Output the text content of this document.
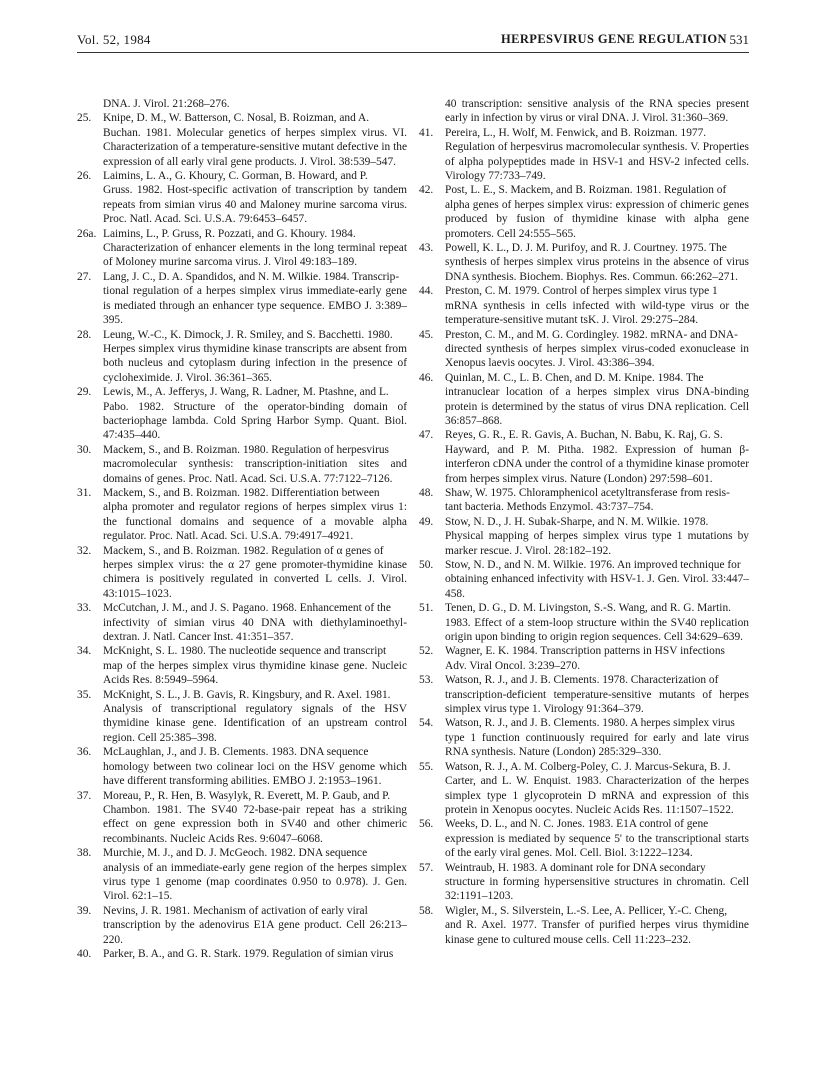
Vol. 52, 1984	HERPESVIRUS GENE REGULATION 531
DNA. J. Virol. 21:268–276.
25.	Knipe, D. M., W. Batterson, C. Nosal, B. Roizman, and A.
Buchan. 1981. Molecular genetics of herpes simplex virus. VI. Characterization of a temperature-sensitive mutant defective in the expression of all early viral gene products. J. Virol. 38:539–547.
26.	Laimins, L. A., G. Khoury, C. Gorman, B. Howard, and P.
Gruss. 1982. Host-specific activation of transcription by tandem repeats from simian virus 40 and Maloney murine sarcoma virus. Proc. Natl. Acad. Sci. U.S.A. 79:6453–6457.
26a. Laimins, L., P. Gruss, R. Pozzati, and G. Khoury. 1984.
Characterization of enhancer elements in the long terminal repeat of Moloney murine sarcoma virus. J. Virol 49:183–189.
27.	Lang, J. C., D. A. Spandidos, and N. M. Wilkie. 1984. Transcrip-
tional regulation of a herpes simplex virus immediate-early gene is mediated through an enhancer type sequence. EMBO J. 3:389–395.
28.	Leung, W.-C., K. Dimock, J. R. Smiley, and S. Bacchetti. 1980.
Herpes simplex virus thymidine kinase transcripts are absent from both nucleus and cytoplasm during infection in the presence of cycloheximide. J. Virol. 36:361–365.
29.	Lewis, M., A. Jefferys, J. Wang, R. Ladner, M. Ptashne, and L.
Pabo. 1982. Structure of the operator-binding domain of bacteriophage lambda. Cold Spring Harbor Symp. Quant. Biol. 47:435–440.
30.	Mackem, S., and B. Roizman. 1980. Regulation of herpesvirus
macromolecular synthesis: transcription-initiation sites and domains of genes. Proc. Natl. Acad. Sci. U.S.A. 77:7122–7126.
31.	Mackem, S., and B. Roizman. 1982. Differentiation between
alpha promoter and regulator regions of herpes simplex virus 1: the functional domains and sequence of a movable alpha regulator. Proc. Natl. Acad. Sci. U.S.A. 79:4917–4921.
32.	Mackem, S., and B. Roizman. 1982. Regulation of α genes of
herpes simplex virus: the α 27 gene promoter-thymidine kinase chimera is positively regulated in converted L cells. J. Virol. 43:1015–1023.
33.	McCutchan, J. M., and J. S. Pagano. 1968. Enhancement of the
infectivity of simian virus 40 DNA with diethylaminoethyl-dextran. J. Natl. Cancer Inst. 41:351–357.
34.	McKnight, S. L. 1980. The nucleotide sequence and transcript
map of the herpes simplex virus thymidine kinase gene. Nucleic Acids Res. 8:5949–5964.
35.	McKnight, S. L., J. B. Gavis, R. Kingsbury, and R. Axel. 1981.
Analysis of transcriptional regulatory signals of the HSV thymidine kinase gene. Identification of an upstream control region. Cell 25:385–398.
36.	McLaughlan, J., and J. B. Clements. 1983. DNA sequence
homology between two colinear loci on the HSV genome which have different transforming abilities. EMBO J. 2:1953–1961.
37.	Moreau, P., R. Hen, B. Wasylyk, R. Everett, M. P. Gaub, and P.
Chambon. 1981. The SV40 72-base-pair repeat has a striking effect on gene expression both in SV40 and other chimeric recombinants. Nucleic Acids Res. 9:6047–6068.
38.	Murchie, M. J., and D. J. McGeoch. 1982. DNA sequence
analysis of an immediate-early gene region of the herpes simplex virus type 1 genome (map coordinates 0.950 to 0.978). J. Gen. Virol. 62:1–15.
39.	Nevins, J. R. 1981. Mechanism of activation of early viral
transcription by the adenovirus E1A gene product. Cell 26:213–220.
40.	Parker, B. A., and G. R. Stark. 1979. Regulation of simian virus
40 transcription: sensitive analysis of the RNA species present early in infection by virus or viral DNA. J. Virol. 31:360–369.
41.	Pereira, L., H. Wolf, M. Fenwick, and B. Roizman. 1977.
Regulation of herpesvirus macromolecular synthesis. V. Properties of alpha polypeptides made in HSV-1 and HSV-2 infected cells. Virology 77:733–749.
42.	Post, L. E., S. Mackem, and B. Roizman. 1981. Regulation of
alpha genes of herpes simplex virus: expression of chimeric genes produced by fusion of thymidine kinase with alpha gene promoters. Cell 24:555–565.
43.	Powell, K. L., D. J. M. Purifoy, and R. J. Courtney. 1975. The
synthesis of herpes simplex virus proteins in the absence of virus DNA synthesis. Biochem. Biophys. Res. Commun. 66:262–271.
44.	Preston, C. M. 1979. Control of herpes simplex virus type 1
mRNA synthesis in cells infected with wild-type virus or the temperature-sensitive mutant tsK. J. Virol. 29:275–284.
45.	Preston, C. M., and M. G. Cordingley. 1982. mRNA- and DNA-
directed synthesis of herpes simplex virus-coded exonuclease in Xenopus laevis oocytes. J. Virol. 43:386–394.
46.	Quinlan, M. C., L. B. Chen, and D. M. Knipe. 1984. The
intranuclear location of a herpes simplex virus DNA-binding protein is determined by the status of virus DNA replication. Cell 36:857–868.
47.	Reyes, G. R., E. R. Gavis, A. Buchan, N. Babu, K. Raj, G. S.
Hayward, and P. M. Pitha. 1982. Expression of human β-interferon cDNA under the control of a thymidine kinase promoter from herpes simplex virus. Nature (London) 297:598–601.
48.	Shaw, W. 1975. Chloramphenicol acetyltransferase from resis-
tant bacteria. Methods Enzymol. 43:737–754.
49.	Stow, N. D., J. H. Subak-Sharpe, and N. M. Wilkie. 1978.
Physical mapping of herpes simplex virus type 1 mutations by marker rescue. J. Virol. 28:182–192.
50.	Stow, N. D., and N. M. Wilkie. 1976. An improved technique for
obtaining enhanced infectivity with HSV-1. J. Gen. Virol. 33:447–458.
51.	Tenen, D. G., D. M. Livingston, S.-S. Wang, and R. G. Martin.
1983. Effect of a stem-loop structure within the SV40 replication origin upon binding to origin region sequences. Cell 34:629–639.
52.	Wagner, E. K. 1984. Transcription patterns in HSV infections
Adv. Viral Oncol. 3:239–270.
53.	Watson, R. J., and J. B. Clements. 1978. Characterization of
transcription-deficient temperature-sensitive mutants of herpes simplex virus type 1. Virology 91:364–379.
54.	Watson, R. J., and J. B. Clements. 1980. A herpes simplex virus
type 1 function continuously required for early and late virus RNA synthesis. Nature (London) 285:329–330.
55.	Watson, R. J., A. M. Colberg-Poley, C. J. Marcus-Sekura, B. J.
Carter, and L. W. Enquist. 1983. Characterization of the herpes simplex type 1 glycoprotein D mRNA and expression of this protein in Xenopus oocytes. Nucleic Acids Res. 11:1507–1522.
56.	Weeks, D. L., and N. C. Jones. 1983. E1A control of gene
expression is mediated by sequence 5' to the transcriptional starts of the early viral genes. Mol. Cell. Biol. 3:1222–1234.
57.	Weintraub, H. 1983. A dominant role for DNA secondary
structure in forming hypersensitive structures in chromatin. Cell 32:1191–1203.
58.	Wigler, M., S. Silverstein, L.-S. Lee, A. Pellicer, Y.-C. Cheng,
and R. Axel. 1977. Transfer of purified herpes virus thymidine kinase gene to cultured mouse cells. Cell 11:223–232.
